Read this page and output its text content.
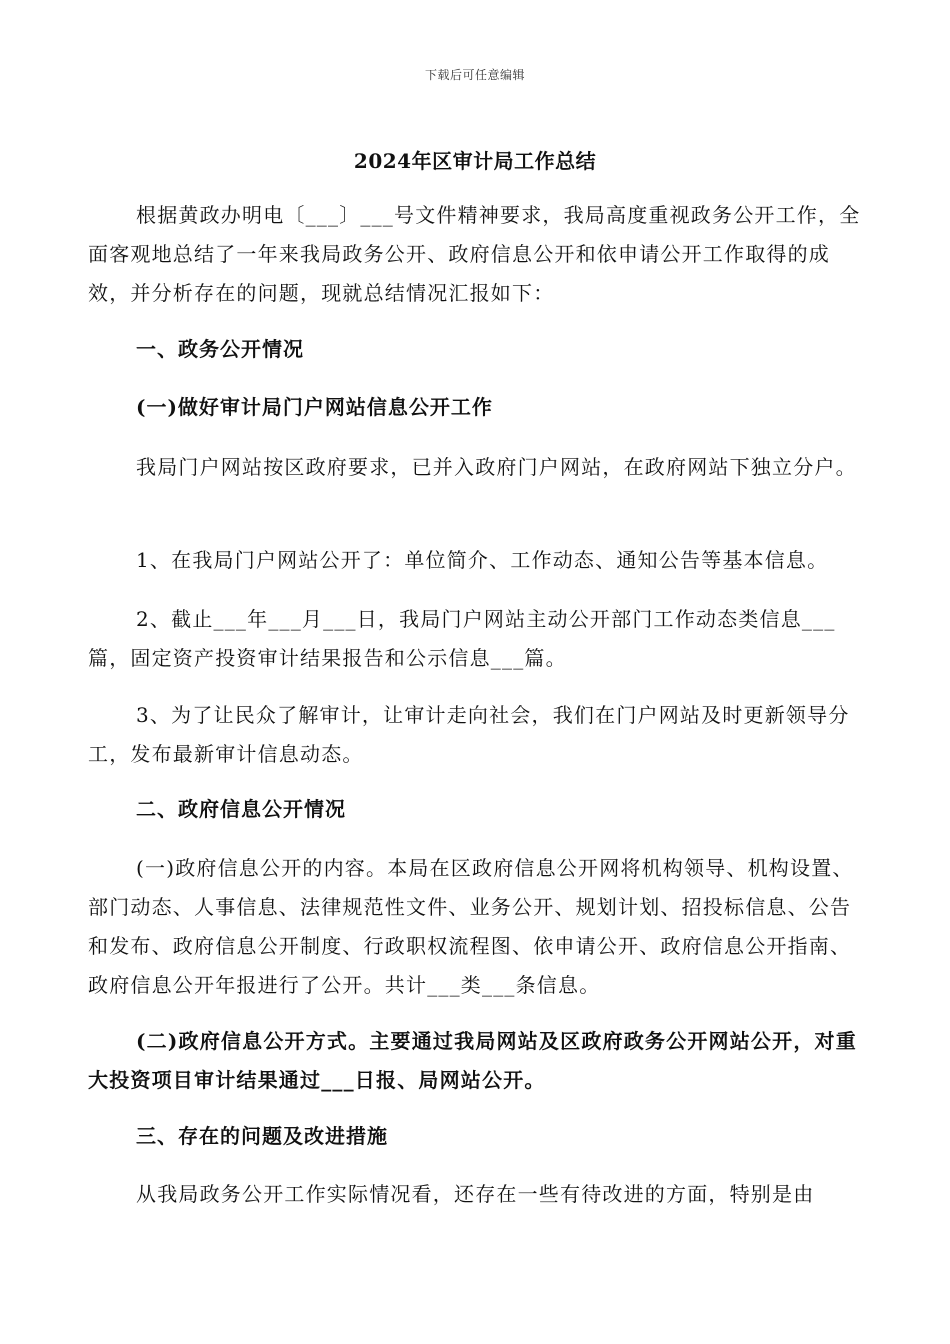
下载后可任意编辑
2024年区审计局工作总结

根据黄政办明电〔___〕___号文件精神要求，我局高度重视政务公开工作，全面客观地总结了一年来我局政务公开、政府信息公开和依申请公开工作取得的成效，并分析存在的问题，现就总结情况汇报如下：

一、政务公开情况

(一)做好审计局门户网站信息公开工作

我局门户网站按区政府要求，已并入政府门户网站，在政府网站下独立分户。

1、在我局门户网站公开了：单位简介、工作动态、通知公告等基本信息。

2、截止___年___月___日，我局门户网站主动公开部门工作动态类信息___篇，固定资产投资审计结果报告和公示信息___篇。

3、为了让民众了解审计，让审计走向社会，我们在门户网站及时更新领导分工，发布最新审计信息动态。

二、政府信息公开情况

(一)政府信息公开的内容。本局在区政府信息公开网将机构领导、机构设置、部门动态、人事信息、法律规范性文件、业务公开、规划计划、招投标信息、公告和发布、政府信息公开制度、行政职权流程图、依申请公开、政府信息公开指南、政府信息公开年报进行了公开。共计___类___条信息。

(二)政府信息公开方式。主要通过我局网站及区政府政务公开网站公开，对重大投资项目审计结果通过___日报、局网站公开。

三、存在的问题及改进措施

从我局政务公开工作实际情况看，还存在一些有待改进的方面，特别是由
